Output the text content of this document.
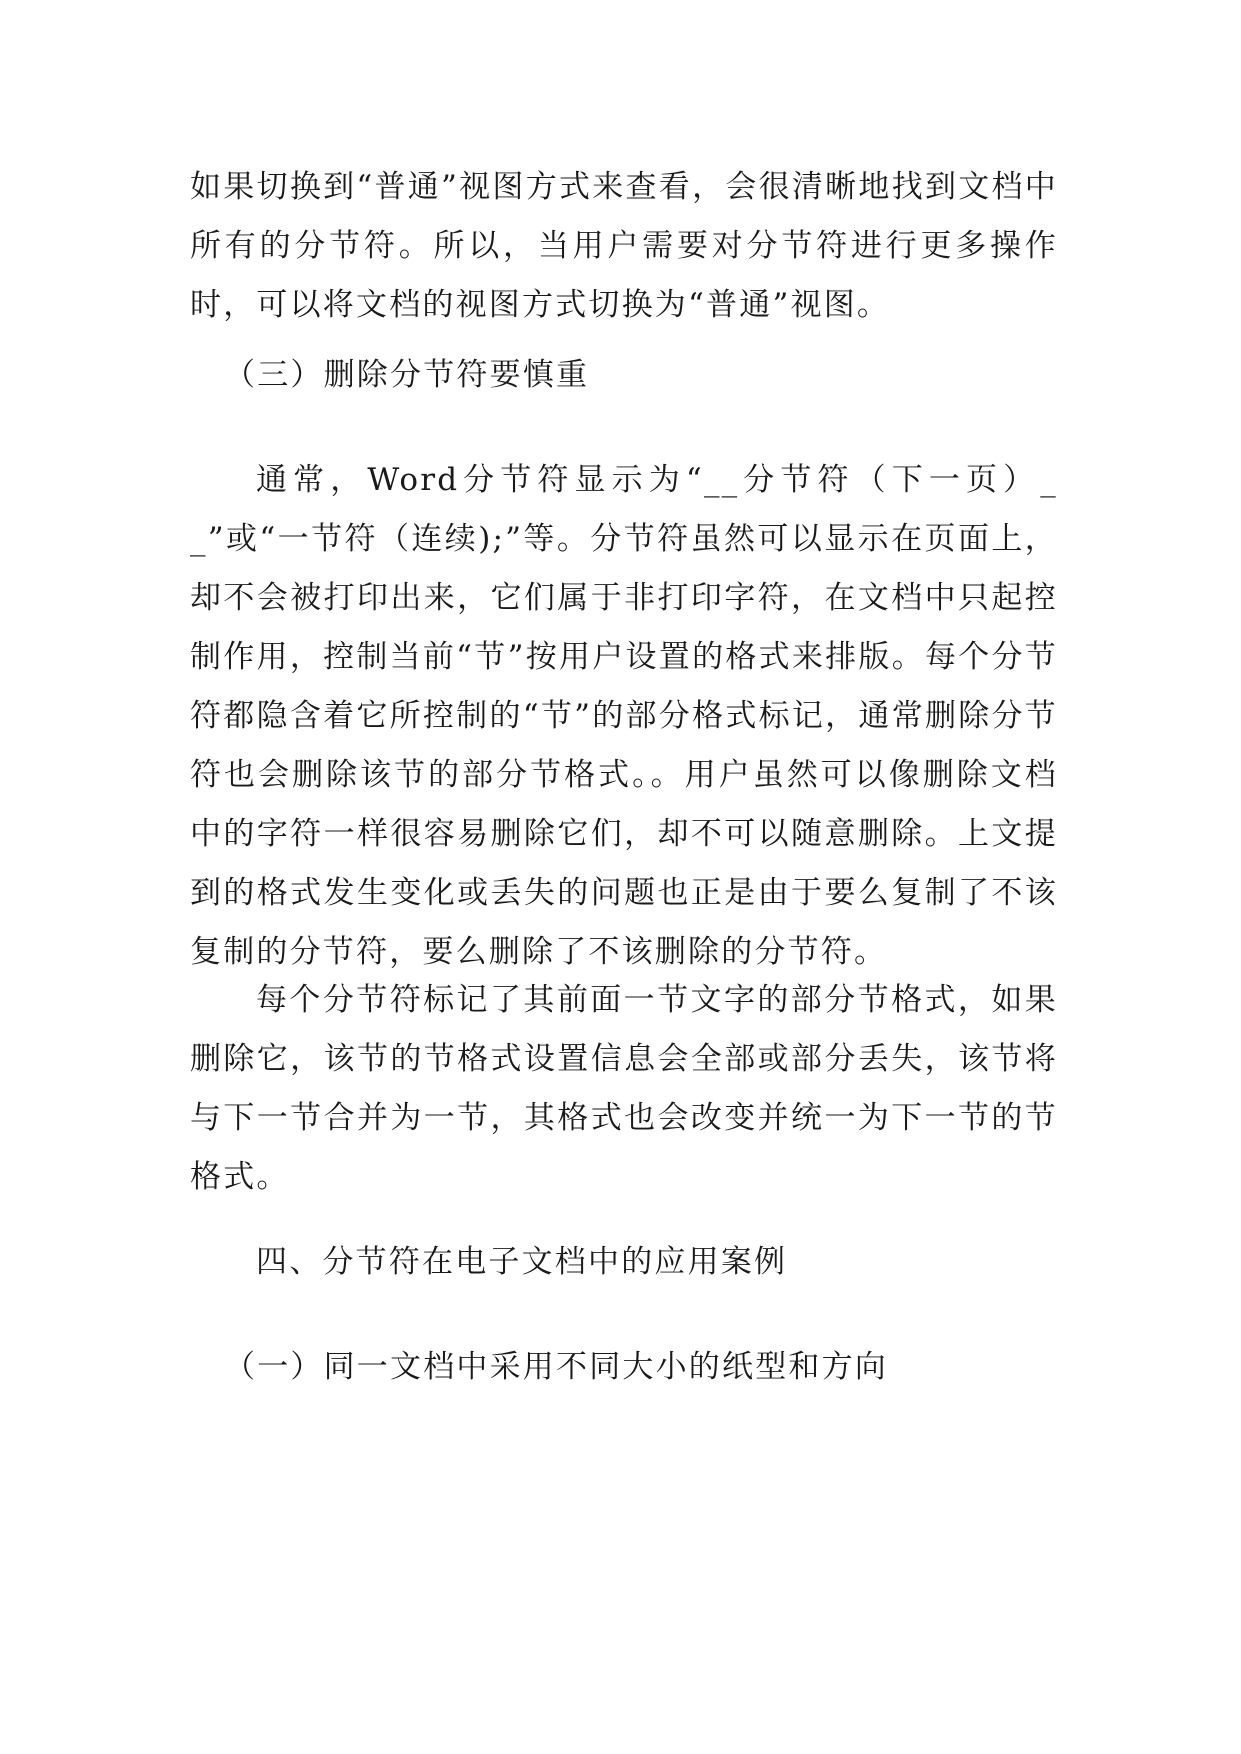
如果切换到“普通”视图方式来查看，会很清晰地找到文档中所有的分节符。所以，当用户需要对分节符进行更多操作时，可以将文档的视图方式切换为“普通”视图。
（三）删除分节符要慎重
通常，Word分节符显示为“__分节符（下一页）__”或“一节符（连续);”等。分节符虽然可以显示在页面上，却不会被打印出来，它们属于非打印字符，在文档中只起控制作用，控制当前“节”按用户设置的格式来排版。每个分节符都隐含着它所控制的“节”的部分格式标记，通常删除分节符也会删除该节的部分节格式。。用户虽然可以像删除文档中的字符一样很容易删除它们，却不可以随意删除。上文提到的格式发生变化或丢失的问题也正是由于要么复制了不该复制的分节符，要么删除了不该删除的分节符。
每个分节符标记了其前面一节文字的部分节格式，如果删除它，该节的节格式设置信息会全部或部分丢失，该节将与下一节合并为一节，其格式也会改变并统一为下一节的节格式。
四、分节符在电子文档中的应用案例
（一）同一文档中采用不同大小的纸型和方向
